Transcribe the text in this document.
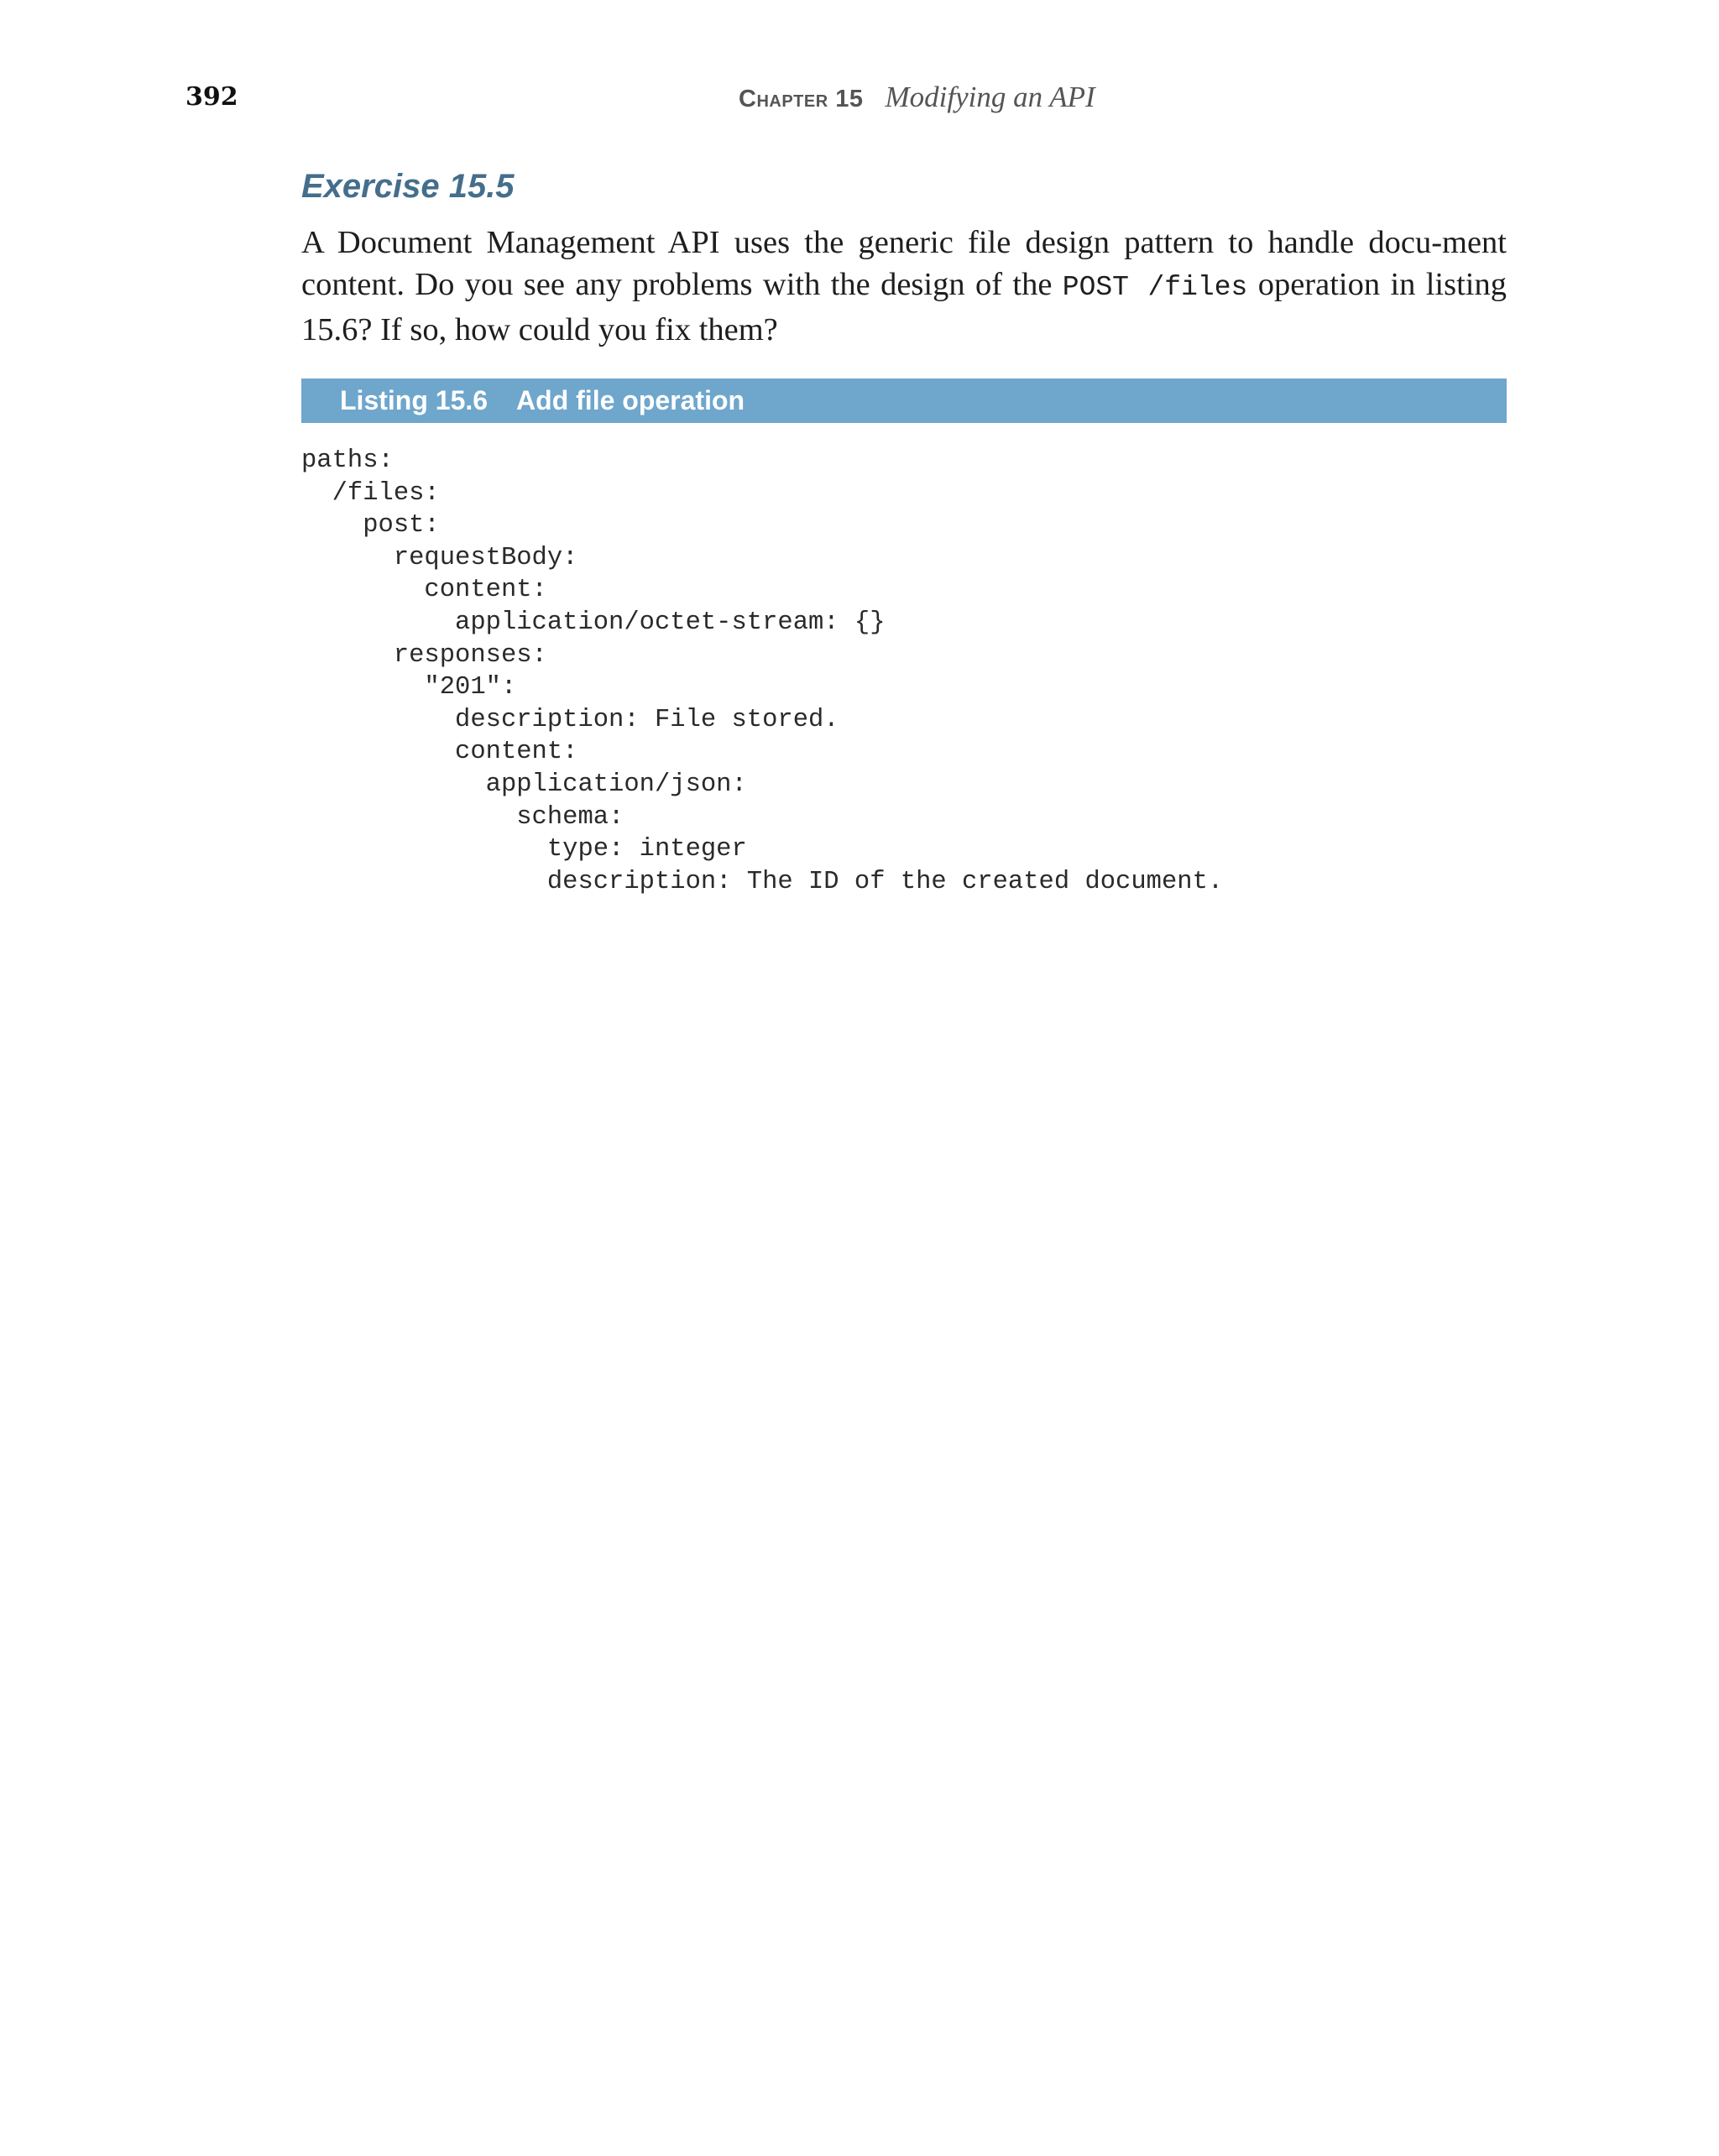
392	Chapter 15 Modifying an API
Exercise 15.5

A Document Management API uses the generic file design pattern to handle docu-ment content. Do you see any problems with the design of the POST /files operation in listing 15.6? If so, how could you fix them?

Listing 15.6 Add file operation
paths:
/files:
post:
requestBody:
content:
application/octet-stream: {}
responses:
"201":
description: File stored.
content:
application/json:
schema:
type: integer
description: The ID of the created document.
